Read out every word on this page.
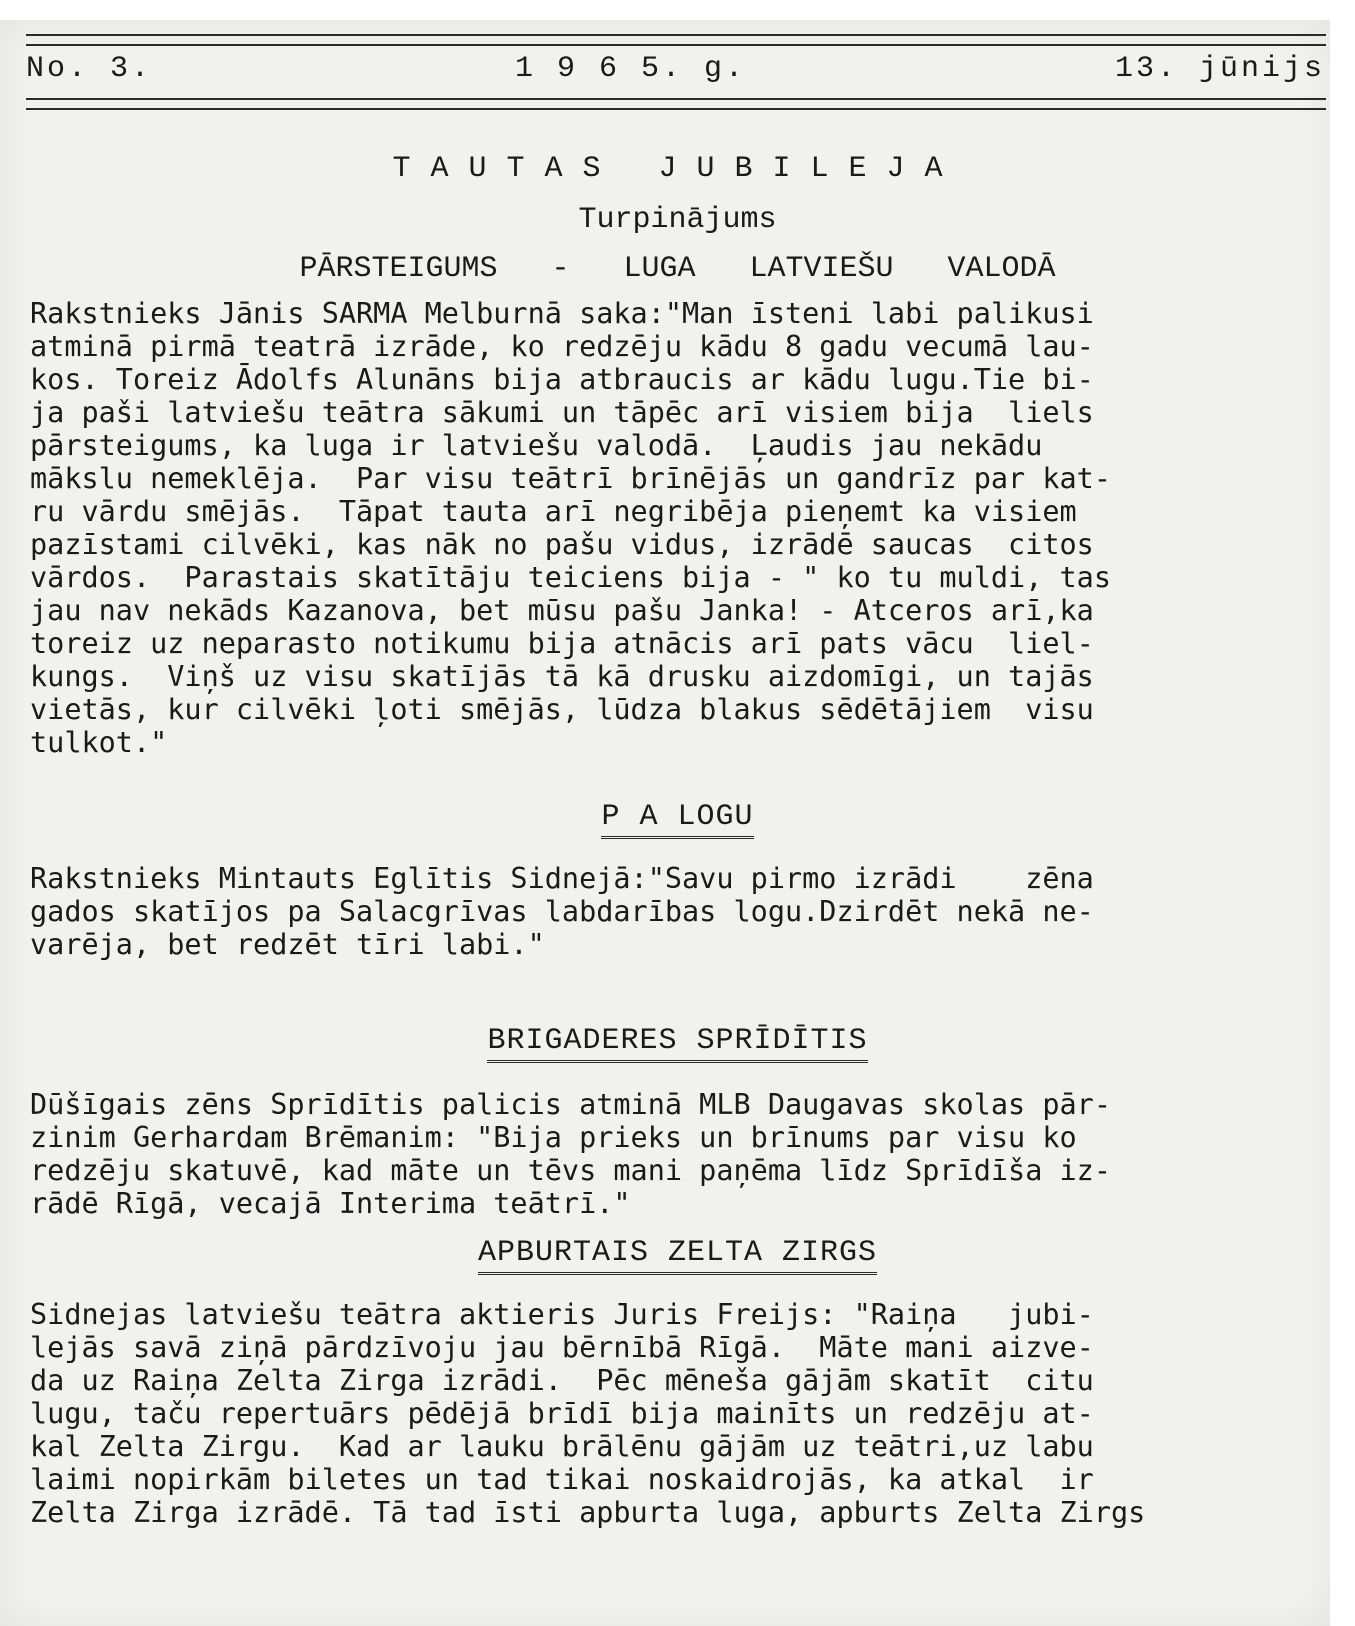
No. 3.	1 9 6 5. g.	13. jūnijs
TAUTAS JUBILEJA
Turpinājums
PĀRSTEIGUMS   -   LUGA   LATVIEŠU   VALODĀ
Rakstnieks Jānis SARMA Melburnā saka:"Man īsteni labi palikusi
atminā pirmā teatrā izrāde, ko redzēju kādu 8 gadu vecumā lau-
kos. Toreiz Ādolfs Alunāns bija atbraucis ar kādu lugu.Tie bi-
ja paši latviešu teātra sākumi un tāpēc arī visiem bija  liels
pārsteigums, ka luga ir latviešu valodā.  Ļaudis jau nekādu
mākslu nemeklēja.  Par visu teātrī brīnējās un gandrīz par kat-
ru vārdu smējās.  Tāpat tauta arī negribēja pieņemt ka visiem
pazīstami cilvēki, kas nāk no pašu vidus, izrādē saucas  citos
vārdos.  Parastais skatītāju teiciens bija - " ko tu muldi, tas
jau nav nekāds Kazanova, bet mūsu pašu Janka! - Atceros arī,ka
toreiz uz neparasto notikumu bija atnācis arī pats vācu  liel-
kungs.  Viņš uz visu skatījās tā kā drusku aizdomīgi, un tajās
vietās, kur cilvēki ļoti smējās, lūdza blakus sēdētājiem  visu
tulkot."
P A LOGU
Rakstnieks Mintauts Eglītis Sidnejā:"Savu pirmo izrādi    zēna
gados skatījos pa Salacgrīvas labdarības logu.Dzirdēt nekā ne-
varēja, bet redzēt tīri labi."
BRIGADERES SPRĪDĪTIS
Dūšīgais zēns Sprīdītis palicis atminā MLB Daugavas skolas pār-
zinim Gerhardam Brēmanim: "Bija prieks un brīnums par visu ko
redzēju skatuvē, kad māte un tēvs mani paņēma līdz Sprīdīša iz-
rādē Rīgā, vecajā Interima teātrī."
APBURTAIS ZELTA ZIRGS
Sidnejas latviešu teātra aktieris Juris Freijs: "Raiņa   jubi-
lejās savā ziņā pārdzīvoju jau bērnībā Rīgā.  Māte mani aizve-
da uz Raiņa Zelta Zirga izrādi.  Pēc mēneša gājām skatīt  citu
lugu, taču repertuārs pēdējā brīdī bija mainīts un redzēju at-
kal Zelta Zirgu.  Kad ar lauku brālēnu gājām uz teātri,uz labu
laimi nopirkām biletes un tad tikai noskaidrojās, ka atkal  ir
Zelta Zirga izrādē. Tā tad īsti apburta luga, apburts Zelta Zirgs
